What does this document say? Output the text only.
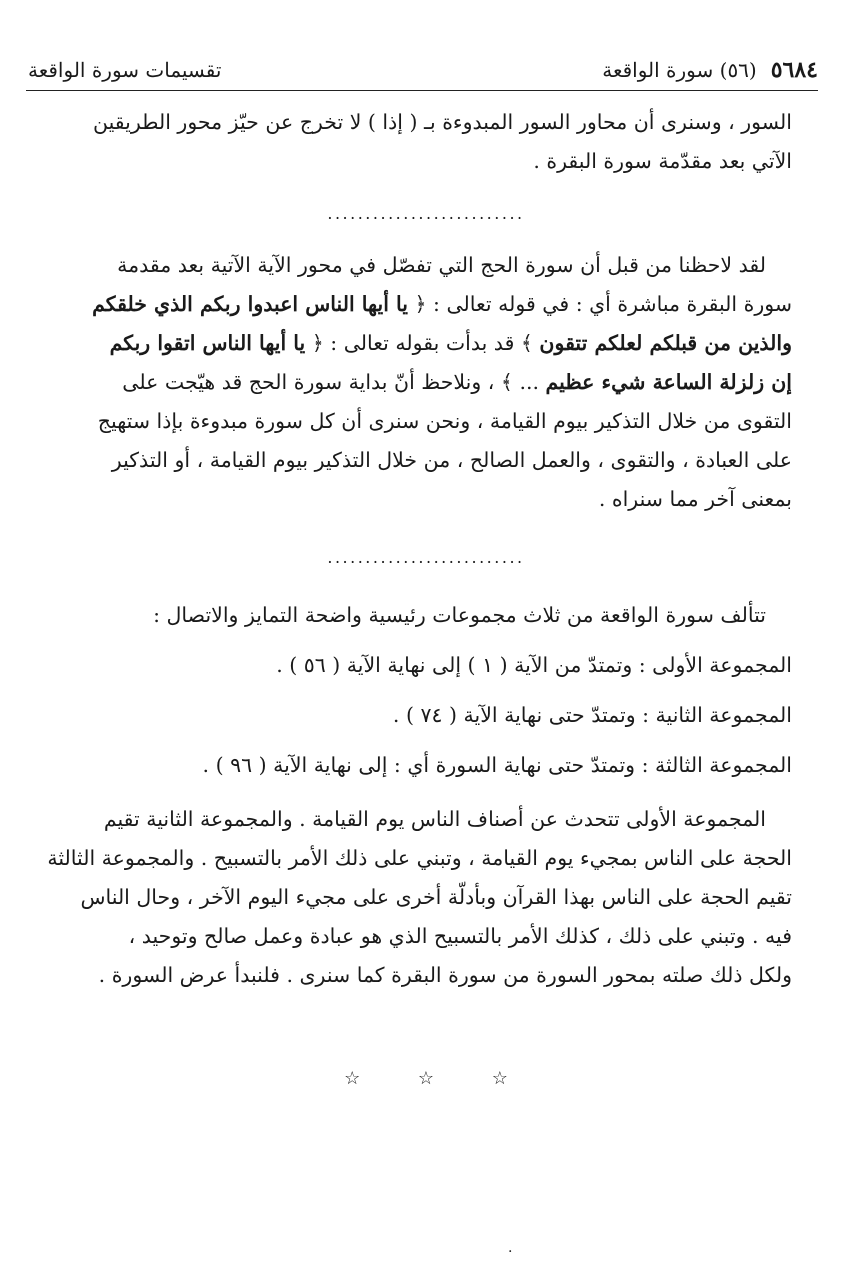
٥٦٨٤
(٥٦) سورة الواقعة
تقسيمات سورة الواقعة
السور ، وسنرى أن محاور السور المبدوءة بـ ( إذا ) لا تخرج عن حيّز محور الطريقين
الآتي بعد مقدّمة سورة البقرة .
..........................
لقد لاحظنا من قبل أن سورة الحج التي تفصّل في محور الآية الآتية بعد مقدمة
سورة البقرة مباشرة أي : في قوله تعالى : ﴿ يا أيها الناس اعبدوا ربكم الذي خلقكم
والذين من قبلكم لعلكم تتقون ﴾ قد بدأت بقوله تعالى : ﴿ يا أيها الناس اتقوا ربكم
إن زلزلة الساعة شيء عظيم ... ﴾ ، ونلاحظ أنّ بداية سورة الحج قد هيّجت على
التقوى من خلال التذكير بيوم القيامة ، ونحن سنرى أن كل سورة مبدوءة بإذا ستهيج
على العبادة ، والتقوى ، والعمل الصالح ، من خلال التذكير بيوم القيامة ، أو التذكير
بمعنى آخر مما سنراه .
..........................
تتألف سورة الواقعة من ثلاث مجموعات رئيسية واضحة التمايز والاتصال :
المجموعة الأولى : وتمتدّ من الآية ( ١ ) إلى نهاية الآية ( ٥٦ ) .
المجموعة الثانية : وتمتدّ حتى نهاية الآية ( ٧٤ ) .
المجموعة الثالثة : وتمتدّ حتى نهاية السورة أي : إلى نهاية الآية ( ٩٦ ) .
المجموعة الأولى تتحدث عن أصناف الناس يوم القيامة . والمجموعة الثانية تقيم
الحجة على الناس بمجيء يوم القيامة ، وتبني على ذلك الأمر بالتسبيح . والمجموعة الثالثة
تقيم الحجة على الناس بهذا القرآن وبأدلّة أخرى على مجيء اليوم الآخر ، وحال الناس
فيه . وتبني على ذلك ، كذلك الأمر بالتسبيح الذي هو عبادة وعمل صالح وتوحيد ،
ولكل ذلك صلته بمحور السورة من سورة البقرة كما سنرى . فلنبدأ عرض السورة .
☆ ☆ ☆
.
